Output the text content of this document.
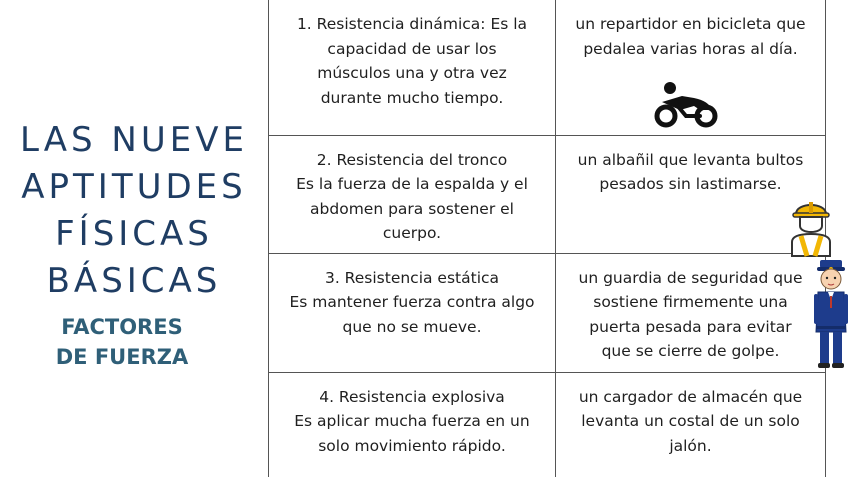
LAS NUEVE
APTITUDES
FÍSICAS
BÁSICAS
FACTORES
DE FUERZA
1. Resistencia dinámica: Es la
capacidad de usar los
músculos una y otra vez
durante mucho tiempo.	un repartidor en bicicleta que
pedalea varias horas al día.

2. Resistencia del tronco
Es la fuerza de la espalda y el
abdomen para sostener el
cuerpo.	un albañil que levanta bultos
pesados sin lastimarse.

3. Resistencia estática
Es mantener fuerza contra algo
que no se mueve.	un guardia de seguridad que
sostiene firmemente una
puerta pesada para evitar
que se cierre de golpe.

4. Resistencia explosiva
Es aplicar mucha fuerza en un
solo movimiento rápido.	un cargador de almacén que
levanta un costal de un solo
jalón.
